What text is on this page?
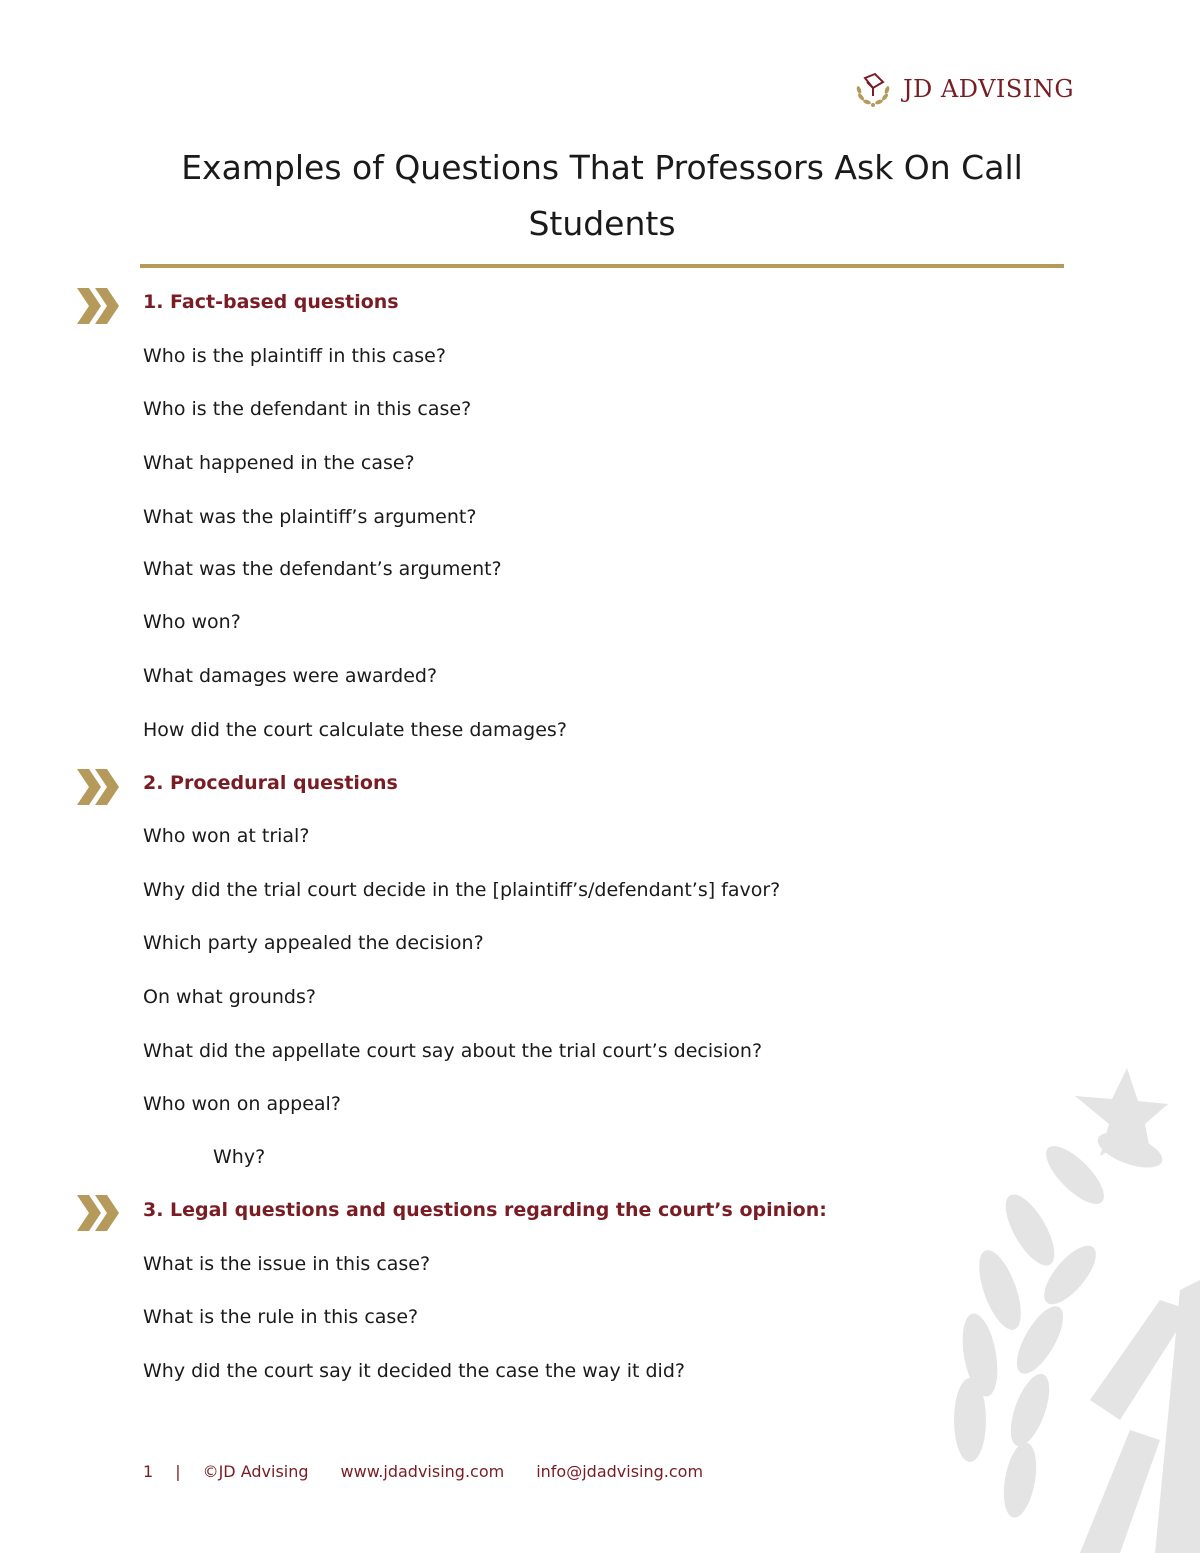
JD ADVISING
Examples of Questions That Professors Ask On Call Students
1. Fact-based questions

Who is the plaintiff in this case?

Who is the defendant in this case?

What happened in the case?

What was the plaintiff’s argument?

What was the defendant’s argument?

Who won?

What damages were awarded?

How did the court calculate these damages?

2. Procedural questions

Who won at trial?

Why did the trial court decide in the [plaintiff’s/defendant’s] favor?

Which party appealed the decision?

On what grounds?

What did the appellate court say about the trial court’s decision?

Who won on appeal?

Why?

3. Legal questions and questions regarding the court’s opinion:

What is the issue in this case?

What is the rule in this case?

Why did the court say it decided the case the way it did?

1 | ©JD Advising www.jdadvising.com info@jdadvising.com
